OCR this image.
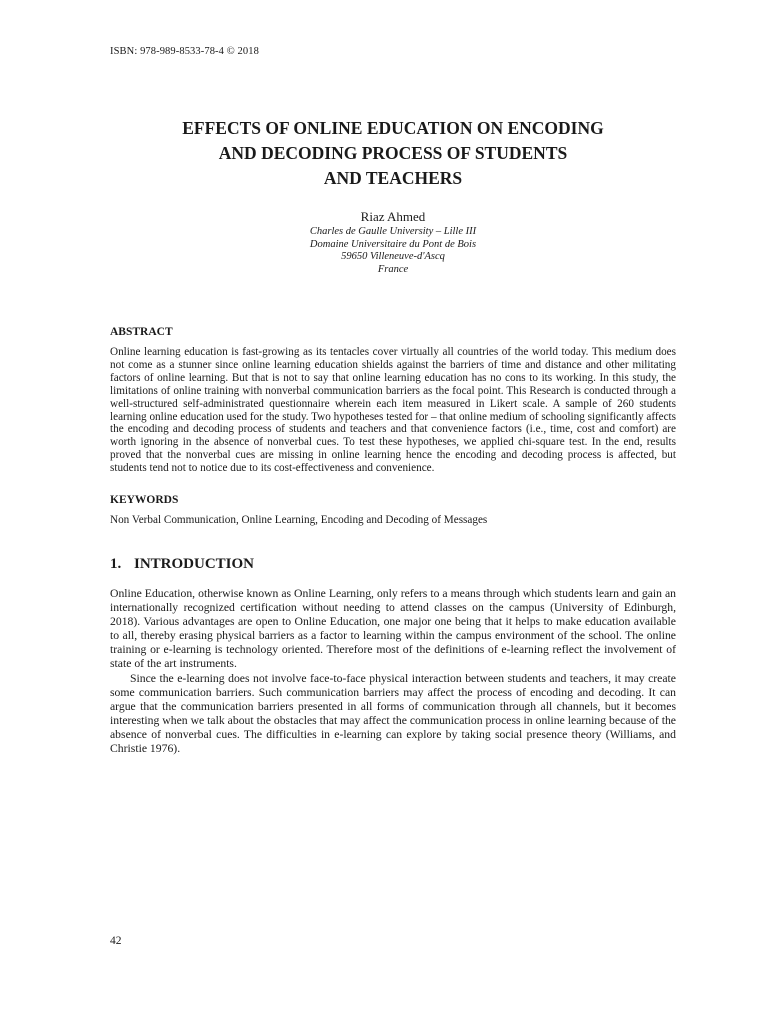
ISBN: 978-989-8533-78-4 © 2018
EFFECTS OF ONLINE EDUCATION ON ENCODING
AND DECODING PROCESS OF STUDENTS
AND TEACHERS
Riaz Ahmed
Charles de Gaulle University – Lille III
Domaine Universitaire du Pont de Bois
59650 Villeneuve-d'Ascq
France
ABSTRACT

Online learning education is fast-growing as its tentacles cover virtually all countries of the world today. This medium does not come as a stunner since online learning education shields against the barriers of time and distance and other militating factors of online learning. But that is not to say that online learning education has no cons to its working. In this study, the limitations of online training with nonverbal communication barriers as the focal point. This Research is conducted through a well-structured self-administrated questionnaire wherein each item measured in Likert scale. A sample of 260 students learning online education used for the study. Two hypotheses tested for – that online medium of schooling significantly affects the encoding and decoding process of students and teachers and that convenience factors (i.e., time, cost and comfort) are worth ignoring in the absence of nonverbal cues. To test these hypotheses, we applied chi-square test. In the end, results proved that the nonverbal cues are missing in online learning hence the encoding and decoding process is affected, but students tend not to notice due to its cost-effectiveness and convenience.

KEYWORDS

Non Verbal Communication, Online Learning, Encoding and Decoding of Messages

1. INTRODUCTION

Online Education, otherwise known as Online Learning, only refers to a means through which students learn and gain an internationally recognized certification without needing to attend classes on the campus (University of Edinburgh, 2018). Various advantages are open to Online Education, one major one being that it helps to make education available to all, thereby erasing physical barriers as a factor to learning within the campus environment of the school. The online training or e-learning is technology oriented. Therefore most of the definitions of e-learning reflect the involvement of state of the art instruments.

Since the e-learning does not involve face-to-face physical interaction between students and teachers, it may create some communication barriers. Such communication barriers may affect the process of encoding and decoding. It can argue that the communication barriers presented in all forms of communication through all channels, but it becomes interesting when we talk about the obstacles that may affect the communication process in online learning because of the absence of nonverbal cues. The difficulties in e-learning can explore by taking social presence theory (Williams, and Christie 1976).

42
